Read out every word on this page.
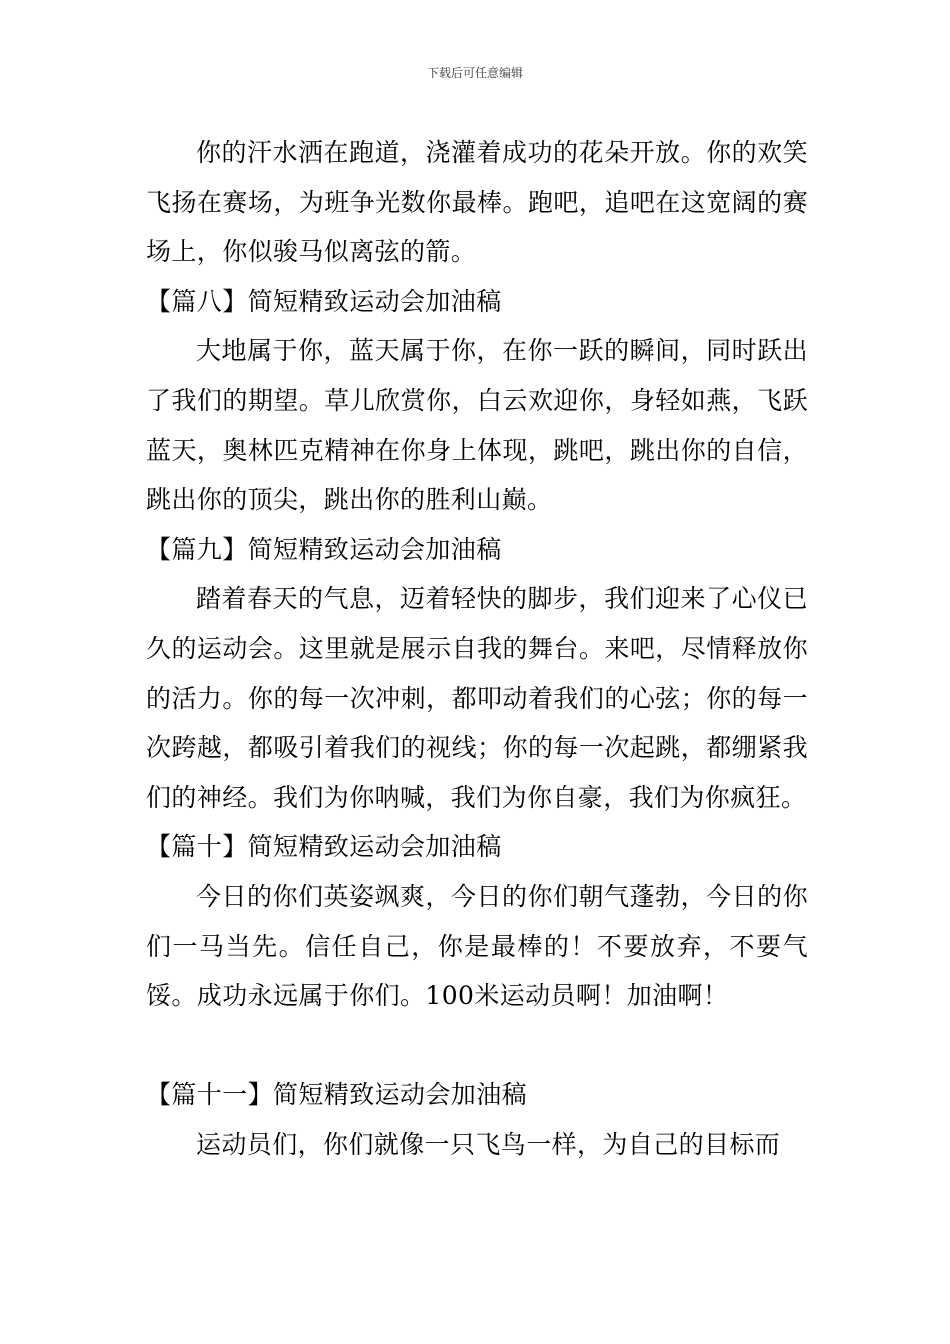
下载后可任意编辑

你的汗水洒在跑道，浇灌着成功的花朵开放。你的欢笑飞扬在赛场，为班争光数你最棒。跑吧，追吧在这宽阔的赛场上，你似骏马似离弦的箭。

【篇八】简短精致运动会加油稿

大地属于你，蓝天属于你，在你一跃的瞬间，同时跃出了我们的期望。草儿欣赏你，白云欢迎你，身轻如燕，飞跃蓝天，奥林匹克精神在你身上体现，跳吧，跳出你的自信，跳出你的顶尖，跳出你的胜利山巅。

【篇九】简短精致运动会加油稿

踏着春天的气息，迈着轻快的脚步，我们迎来了心仪已久的运动会。这里就是展示自我的舞台。来吧，尽情释放你的活力。你的每一次冲刺，都叩动着我们的心弦；你的每一次跨越，都吸引着我们的视线；你的每一次起跳，都绷紧我们的神经。我们为你呐喊，我们为你自豪，我们为你疯狂。

【篇十】简短精致运动会加油稿

今日的你们英姿飒爽，今日的你们朝气蓬勃，今日的你们一马当先。信任自己，你是最棒的！不要放弃，不要气馁。成功永远属于你们。100米运动员啊！加油啊！

【篇十一】简短精致运动会加油稿

运动员们，你们就像一只飞鸟一样，为自己的目标而
